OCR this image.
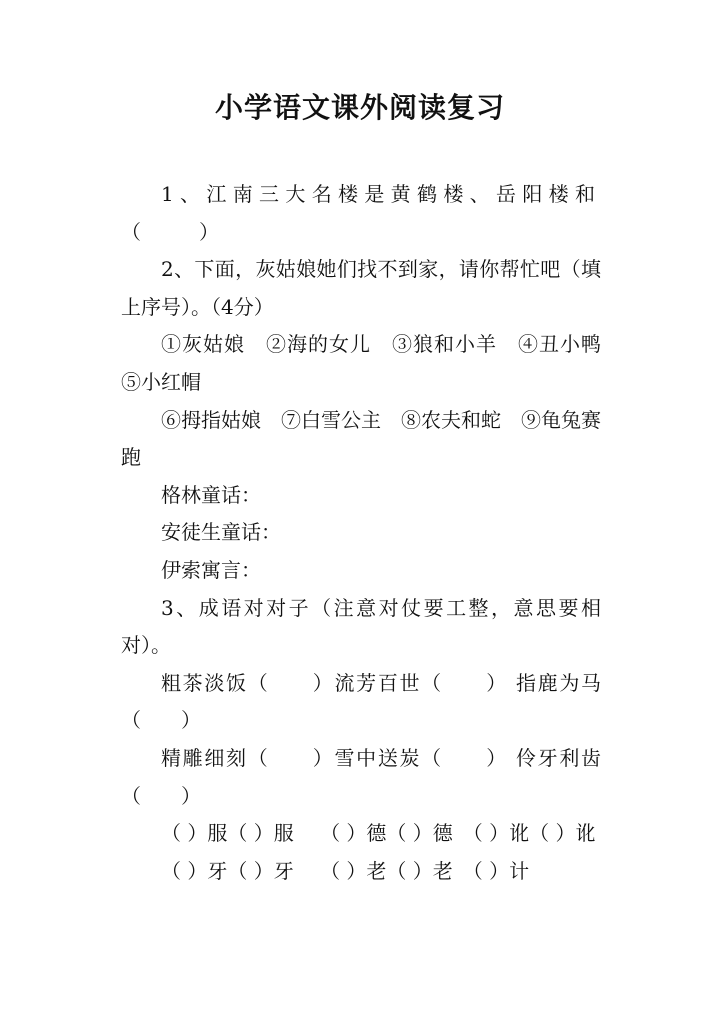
小学语文课外阅读复习

1、江南三大名楼是黄鹤楼、岳阳楼和（　　）

2、下面，灰姑娘她们找不到家，请你帮忙吧（填上序号）。（4分）

①灰姑娘　②海的女儿　③狼和小羊　④丑小鸭　⑤小红帽

⑥拇指姑娘　⑦白雪公主　⑧农夫和蛇　⑨龟兔赛跑

格林童话：

安徒生童话：

伊索寓言：

3、成语对对子（注意对仗要工整，意思要相对）。

粗茶淡饭（　　）流芳百世（　　） 指鹿为马（　　）

精雕细刻（　　）雪中送炭（　　） 伶牙利齿（　　）

（ ）服（ ）服　 （ ）德（ ）德　（ ）讹（ ）讹

（ ）牙（ ）牙　 （ ）老（ ）老　（ ）计
